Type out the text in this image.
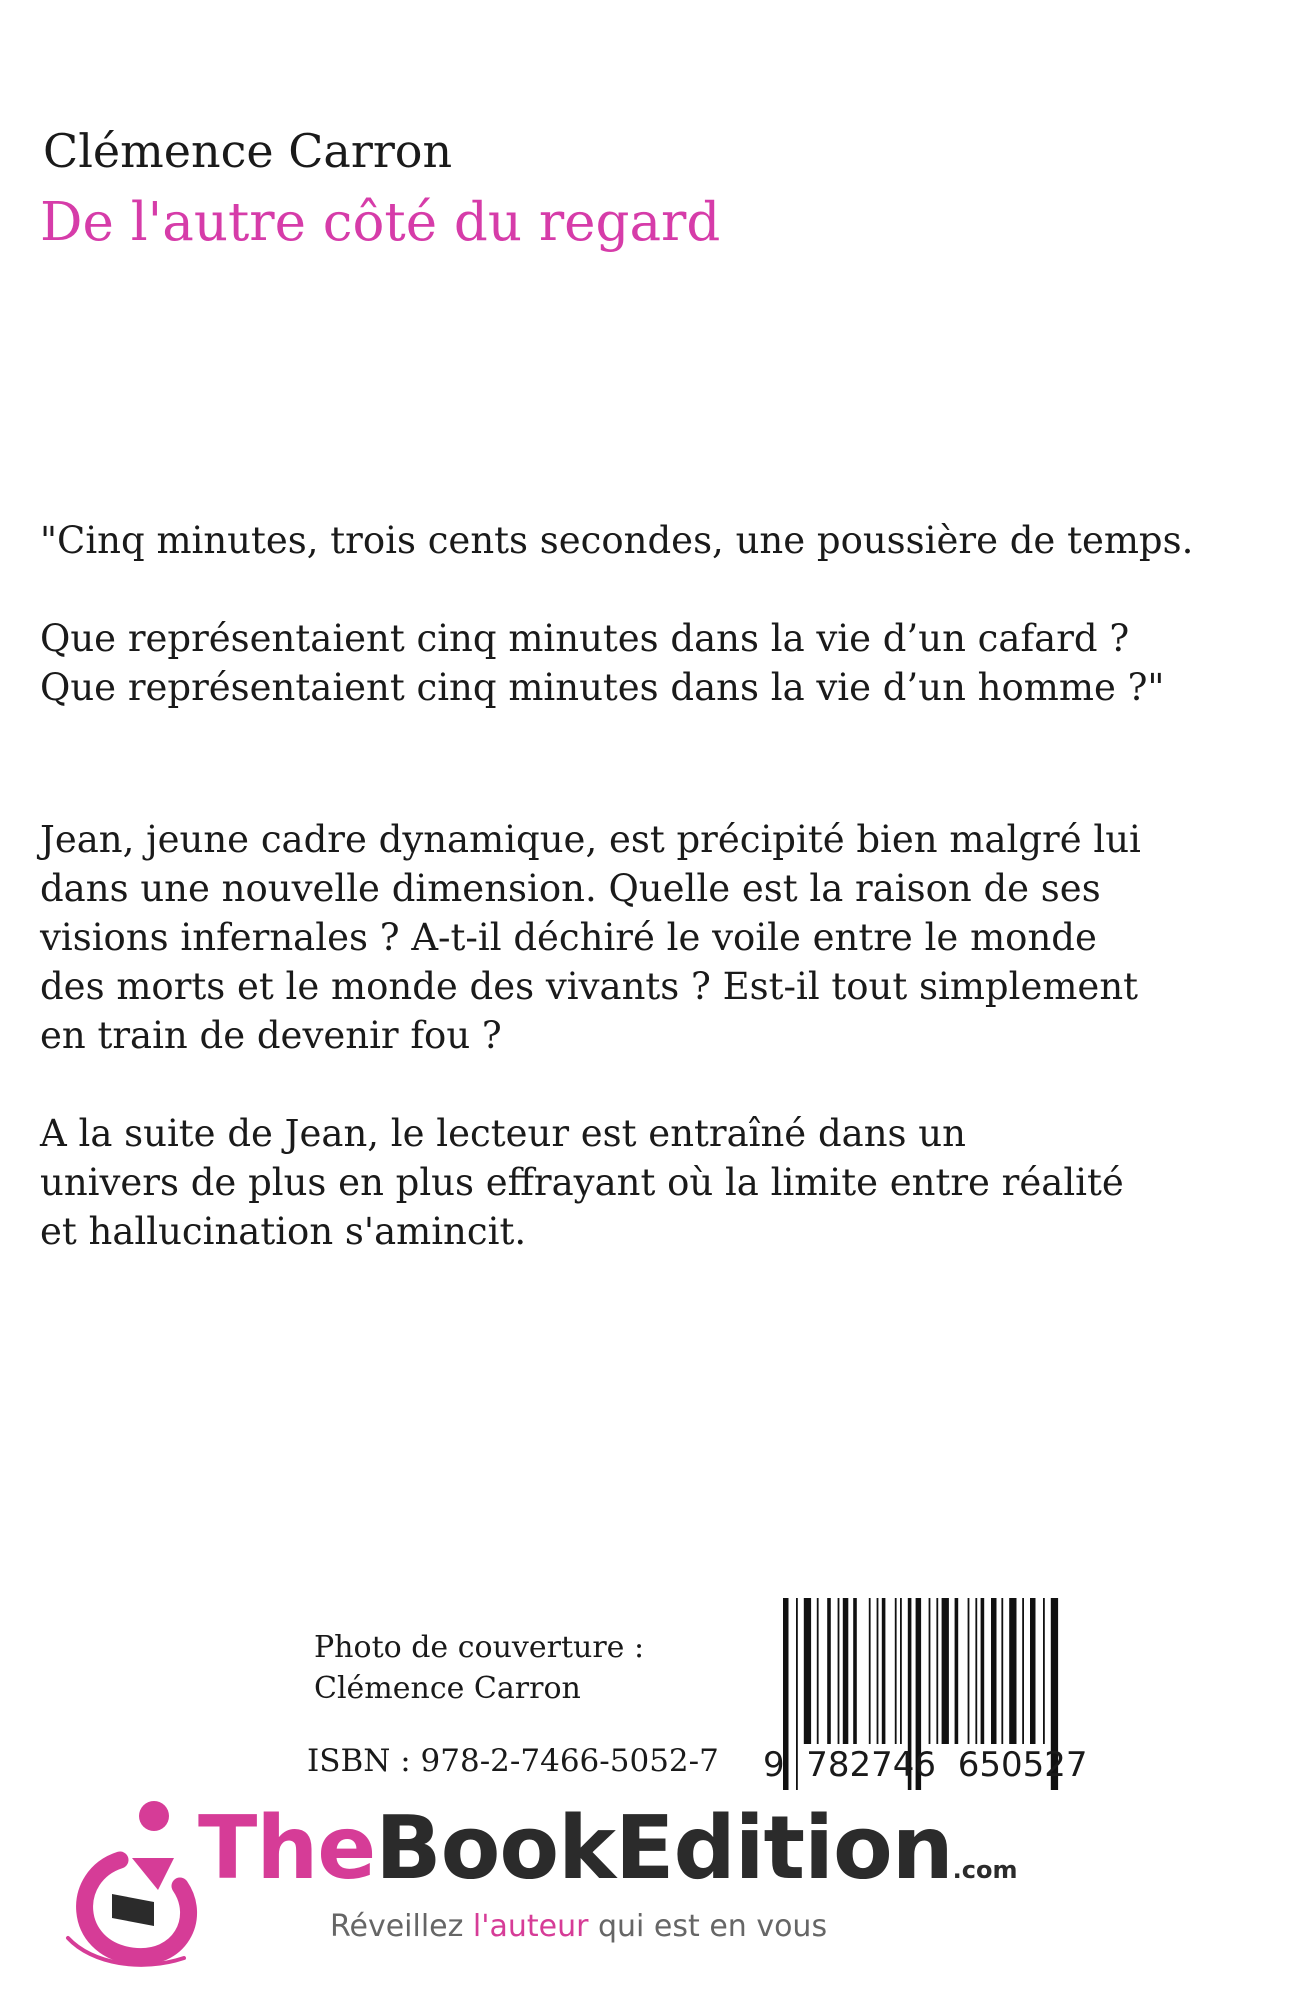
Clémence Carron
De l'autre côté du regard

"Cinq minutes, trois cents secondes, une poussière de temps.

Que représentaient cinq minutes dans la vie d’un cafard ?

Que représentaient cinq minutes dans la vie d’un homme ?"

Jean, jeune cadre dynamique, est précipité bien malgré lui

dans une nouvelle dimension. Quelle est la raison de ses

visions infernales ? A-t-il déchiré le voile entre le monde

des morts et le monde des vivants ? Est-il tout simplement

en train de devenir fou ?

A la suite de Jean, le lecteur est entraîné dans un

univers de plus en plus effrayant où la limite entre réalité

et hallucination s'amincit.

Photo de couverture :
Clémence Carron
ISBN : 978-2-7466-5052-7 9 782746 650527
TheBookEdition.com
Réveillez l'auteur qui est en vous
